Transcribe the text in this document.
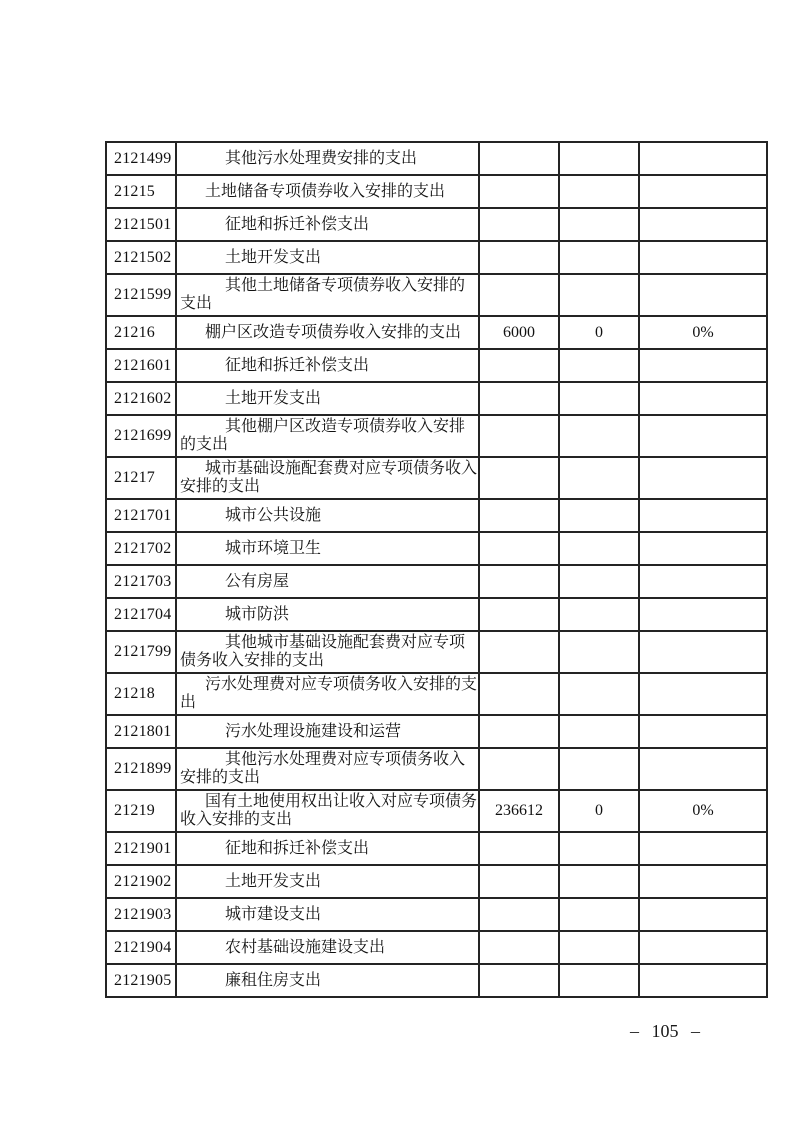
2121499	其他污水处理费安排的支出			
21215	土地储备专项债券收入安排的支出			
2121501	征地和拆迁补偿支出			
2121502	土地开发支出			
2121599	其他土地储备专项债券收入安排的支出			
21216	棚户区改造专项债券收入安排的支出	6000	0	0%
2121601	征地和拆迁补偿支出			
2121602	土地开发支出			
2121699	其他棚户区改造专项债券收入安排的支出			
21217	城市基础设施配套费对应专项债务收入安排的支出			
2121701	城市公共设施			
2121702	城市环境卫生			
2121703	公有房屋			
2121704	城市防洪			
2121799	其他城市基础设施配套费对应专项债务收入安排的支出			
21218	污水处理费对应专项债务收入安排的支出			
2121801	污水处理设施建设和运营			
2121899	其他污水处理费对应专项债务收入安排的支出			
21219	国有土地使用权出让收入对应专项债务收入安排的支出	236612	0	0%
2121901	征地和拆迁补偿支出			
2121902	土地开发支出			
2121903	城市建设支出			
2121904	农村基础设施建设支出			
2121905	廉租住房支出			
– 105 –
